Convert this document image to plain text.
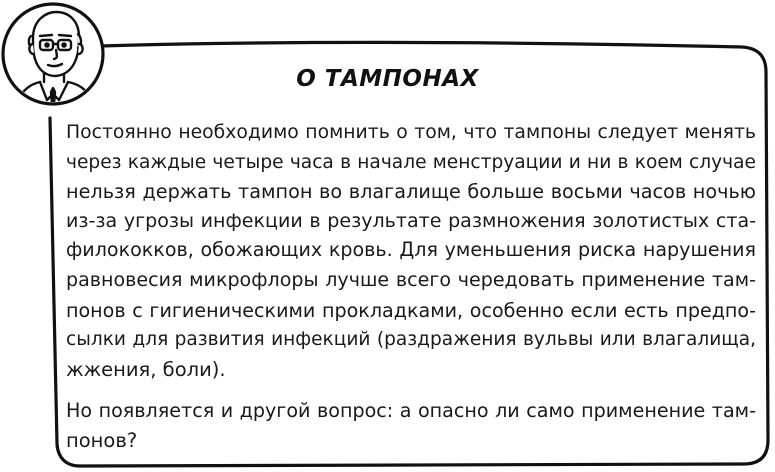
О ТАМПОНАХ

Постоянно необходимо помнить о том, что тампоны следует менять
через каждые четыре часа в начале менструации и ни в коем случае
нельзя держать тампон во влагалище больше восьми часов ночью
из-за угрозы инфекции в результате размножения золотистых ста-
филококков, обожающих кровь. Для уменьшения риска нарушения
равновесия микрофлоры лучше всего чередовать применение там-
понов с гигиеническими прокладками, особенно если есть предпо-
сылки для развития инфекций (раздражения вульвы или влагалища,
жжения, боли).

Но появляется и другой вопрос: а опасно ли само применение там-
понов?
